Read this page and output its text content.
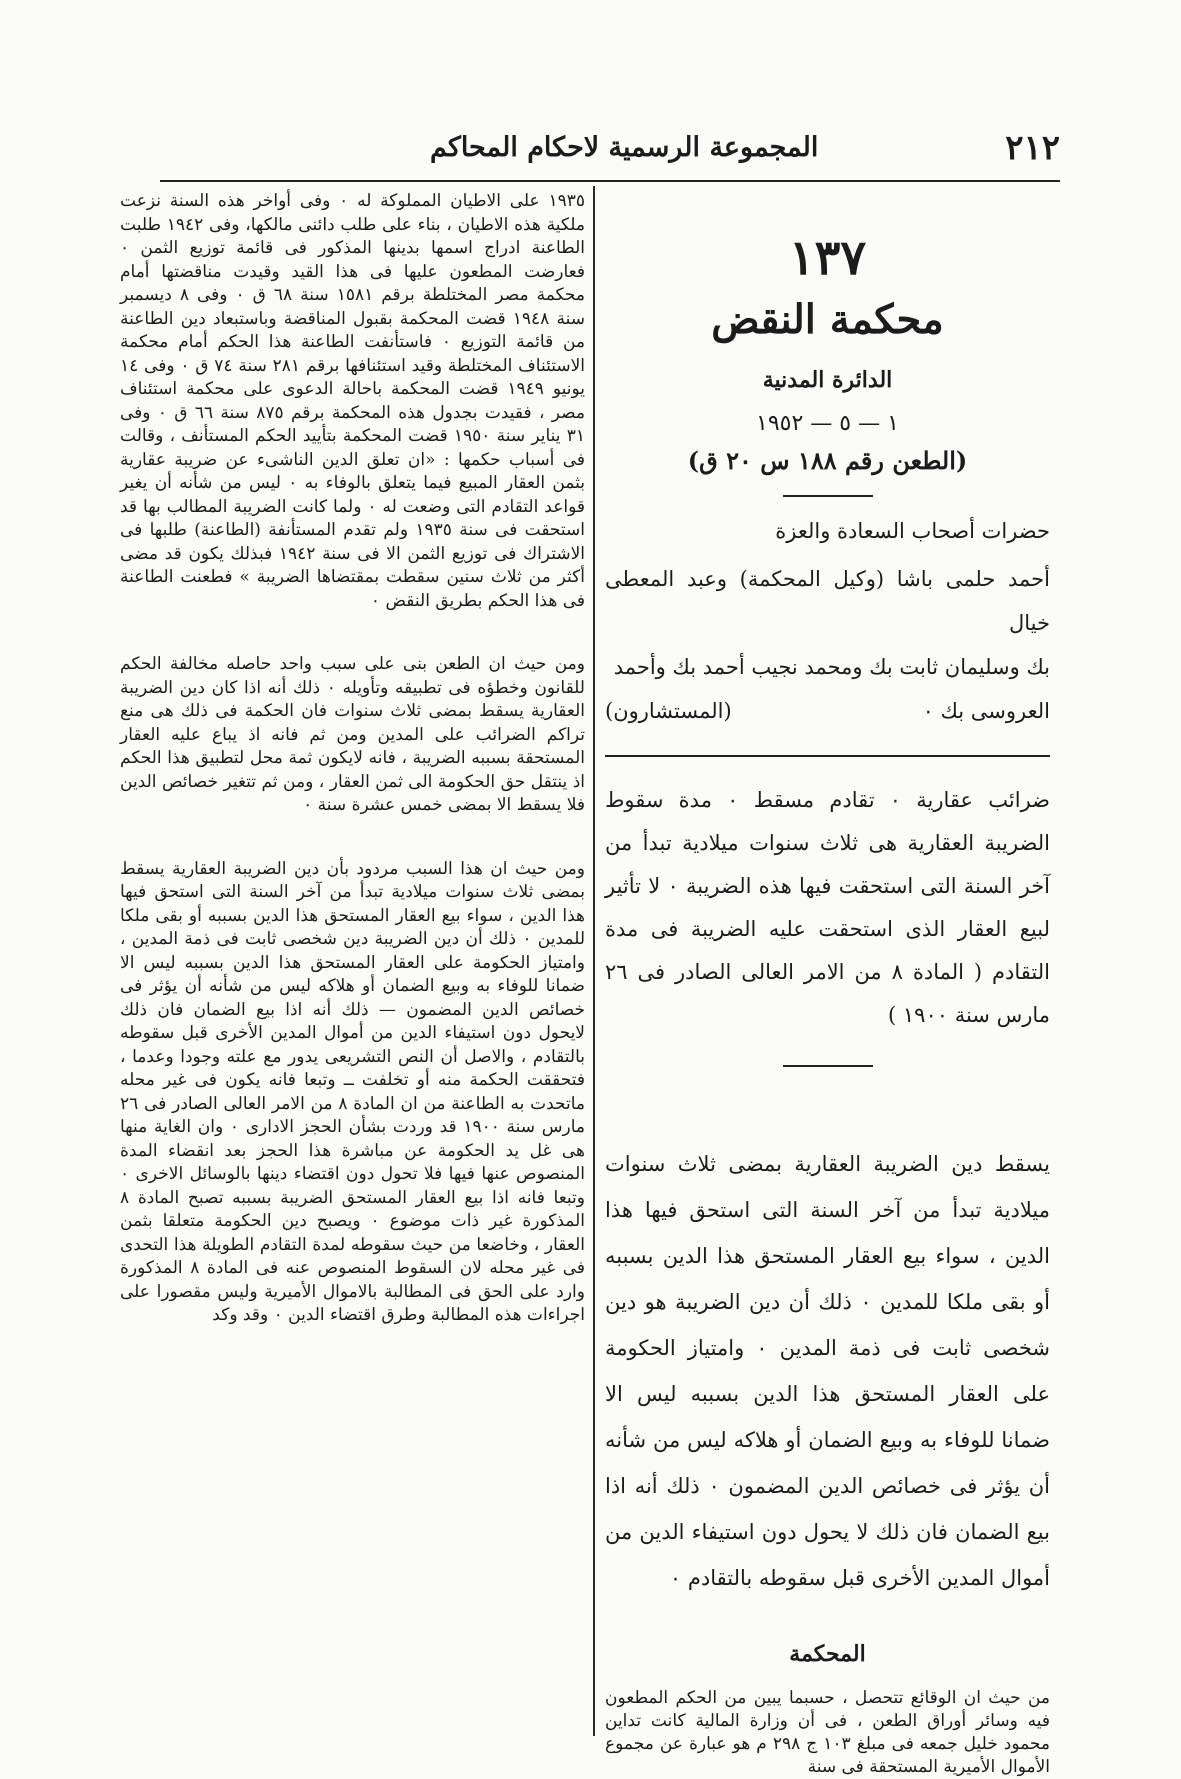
٢١٢
المجموعة الرسمية لاحكام المحاكم
١٣٧
محكمة النقض
الدائرة المدنية
١ — ٥ — ١٩٥٢
(الطعن رقم ١٨٨ س ٢٠ ق)
حضرات أصحاب السعادة والعزة
أحمد حلمى باشا (وكيل المحكمة) وعبد المعطى خيال
بك وسليمان ثابت بك ومحمد نجيب أحمد بك وأحمد
العروسى بك ٠
(المستشارون)
ضرائب عقارية ٠ تقادم مسقط ٠ مدة سقوط الضريبة العقارية هى ثلاث سنوات ميلادية تبدأ من آخر السنة التى استحقت فيها هذه الضريبة ٠ لا تأثير لبيع العقار الذى استحقت عليه الضريبة فى مدة التقادم ( المادة ٨ من الامر العالى الصادر فى ٢٦ مارس سنة ١٩٠٠ )
يسقط دين الضريبة العقارية بمضى ثلاث سنوات ميلادية تبدأ من آخر السنة التى استحق فيها هذا الدين ، سواء بيع العقار المستحق هذا الدين بسببه أو بقى ملكا للمدين ٠ ذلك أن دين الضريبة هو دين شخصى ثابت فى ذمة المدين ٠ وامتياز الحكومة على العقار المستحق هذا الدين بسببه ليس الا ضمانا للوفاء به وبيع الضمان أو هلاكه ليس من شأنه أن يؤثر فى خصائص الدين المضمون ٠ ذلك أنه اذا بيع الضمان فان ذلك لا يحول دون استيفاء الدين من أموال المدين الأخرى قبل سقوطه بالتقادم ٠
المحكمة
من حيث ان الوقائع تتحصل ، حسبما يبين من الحكم المطعون فيه وسائر أوراق الطعن ، فى أن وزارة المالية كانت تداين محمود خليل جمعه فى مبلغ ١٠٣ ج ٢٩٨ م هو عبارة عن مجموع الأموال الأميرية المستحقة فى سنة
١٩٣٥ على الاطيان المملوكة له ٠ وفى أواخر هذه السنة نزعت ملكية هذه الاطيان ، بناء على طلب دائنى مالكها، وفى ١٩٤٢ طلبت الطاعنة ادراج اسمها بدينها المذكور فى قائمة توزيع الثمن ٠ فعارضت المطعون عليها فى هذا القيد وقيدت مناقضتها أمام محكمة مصر المختلطة برقم ١٥٨١ سنة ٦٨ ق ٠ وفى ٨ ديسمبر سنة ١٩٤٨ قضت المحكمة بقبول المناقضة وباستبعاد دين الطاعنة من قائمة التوزيع ٠ فاستأنفت الطاعنة هذا الحكم أمام محكمة الاستئناف المختلطة وقيد استئنافها برقم ٢٨١ سنة ٧٤ ق ٠ وفى ١٤ يونيو ١٩٤٩ قضت المحكمة باحالة الدعوى على محكمة استئناف مصر ، فقيدت بجدول هذه المحكمة برقم ٨٧٥ سنة ٦٦ ق ٠ وفى ٣١ يناير سنة ١٩٥٠ قضت المحكمة بتأييد الحكم المستأنف ، وقالت فى أسباب حكمها : «ان تعلق الدين الناشىء عن ضريبة عقارية بثمن العقار المبيع فيما يتعلق بالوفاء به ٠ ليس من شأنه أن يغير قواعد التقادم التى وضعت له ٠ ولما كانت الضريبة المطالب بها قد استحقت فى سنة ١٩٣٥ ولم تقدم المستأنفة (الطاعنة) طلبها فى الاشتراك فى توزيع الثمن الا فى سنة ١٩٤٢ فبذلك يكون قد مضى أكثر من ثلاث سنين سقطت بمقتضاها الضريبة » فطعنت الطاعنة فى هذا الحكم بطريق النقض ٠
ومن حيث ان الطعن بنى على سبب واحد حاصله مخالفة الحكم للقانون وخطؤه فى تطبيقه وتأويله ٠ ذلك أنه اذا كان دين الضريبة العقارية يسقط بمضى ثلاث سنوات فان الحكمة فى ذلك هى منع تراكم الضرائب على المدين ومن ثم فانه اذ يباع عليه العقار المستحقة بسببه الضريبة ، فانه لايكون ثمة محل لتطبيق هذا الحكم اذ ينتقل حق الحكومة الى ثمن العقار ، ومن ثم تتغير خصائص الدين فلا يسقط الا بمضى خمس عشرة سنة ٠
ومن حيث ان هذا السبب مردود بأن دين الضريبة العقارية يسقط بمضى ثلاث سنوات ميلادية تبدأ من آخر السنة التى استحق فيها هذا الدين ، سواء بيع العقار المستحق هذا الدين بسببه أو بقى ملكا للمدين ٠ ذلك أن دين الضريبة دين شخصى ثابت فى ذمة المدين ، وامتياز الحكومة على العقار المستحق هذا الدين بسببه ليس الا ضمانا للوفاء به وبيع الضمان أو هلاكه ليس من شأنه أن يؤثر فى خصائص الدين المضمون — ذلك أنه اذا بيع الضمان فان ذلك لايحول دون استيفاء الدين من أموال المدين الأخرى قبل سقوطه بالتقادم ، والاصل أن النص التشريعى يدور مع علته وجودا وعدما ، فتحققت الحكمة منه أو تخلفت ــ وتبعا فانه يكون فى غير محله ماتحدت به الطاعنة من ان المادة ٨ من الامر العالى الصادر فى ٢٦ مارس سنة ١٩٠٠ قد وردت بشأن الحجز الادارى ٠ وان الغاية منها هى غل يد الحكومة عن مباشرة هذا الحجز بعد انقضاء المدة المنصوص عنها فيها فلا تحول دون اقتضاء دينها بالوسائل الاخرى ٠ وتبعا فانه اذا بيع العقار المستحق الضريبة بسببه تصبح المادة ٨ المذكورة غير ذات موضوع ٠ ويصبح دين الحكومة متعلقا بثمن العقار ، وخاضعا من حيث سقوطه لمدة التقادم الطويلة هذا التحدى فى غير محله لان السقوط المنصوص عنه فى المادة ٨ المذكورة وارد على الحق فى المطالبة بالاموال الأميرية وليس مقصورا على اجراءات هذه المطالبة وطرق اقتضاء الدين ٠ وقد وكد
